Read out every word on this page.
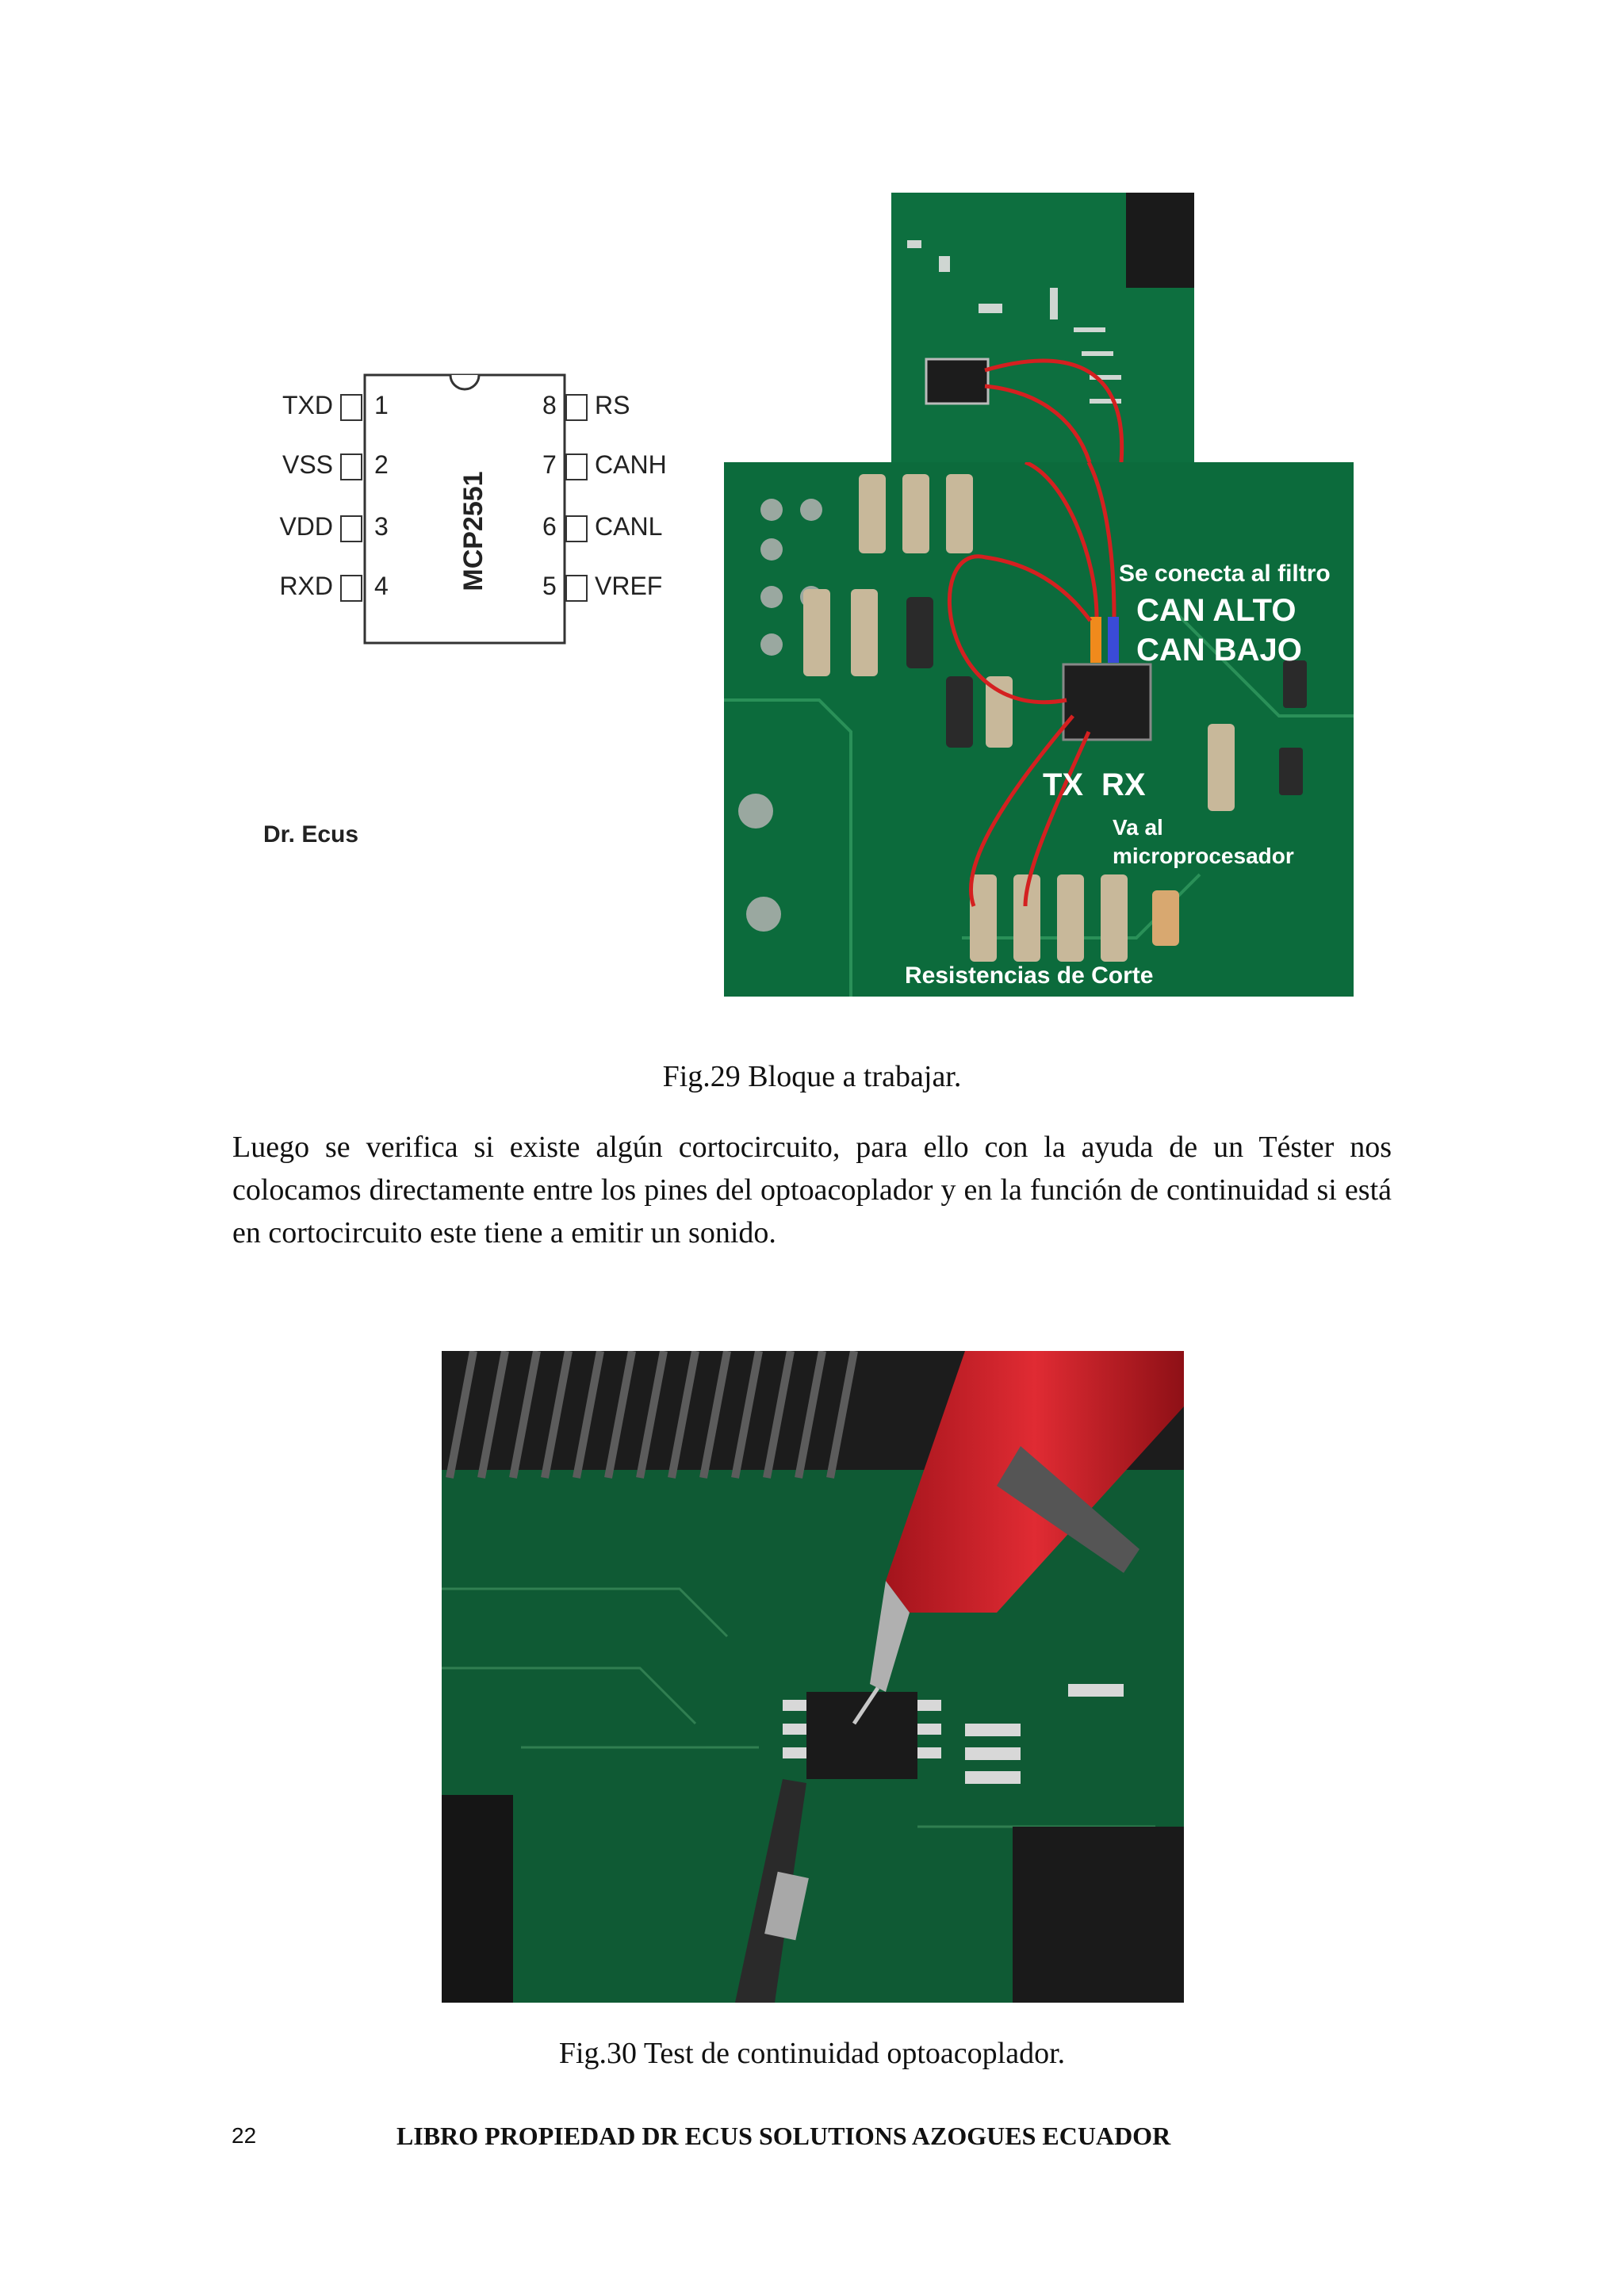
MCP2551
TXD 1
VSS 2
VDD 3
RXD 4
8 RS
7 CANH
6 CANL
5 VREF
Dr. Ecus
Se conecta al filtro
CAN ALTO
CAN BAJO
TX RX
Va al
microprocesador
Resistencias de Corte
Fig.29 Bloque a trabajar.
Luego se verifica si existe algún cortocircuito, para ello con la ayuda de un Téster nos colocamos directamente entre los pines del optoacoplador y en la función de continuidad si está en cortocircuito este tiene a emitir un sonido.
Fig.30 Test de continuidad optoacoplador.
22	LIBRO PROPIEDAD DR ECUS SOLUTIONS AZOGUES ECUADOR
